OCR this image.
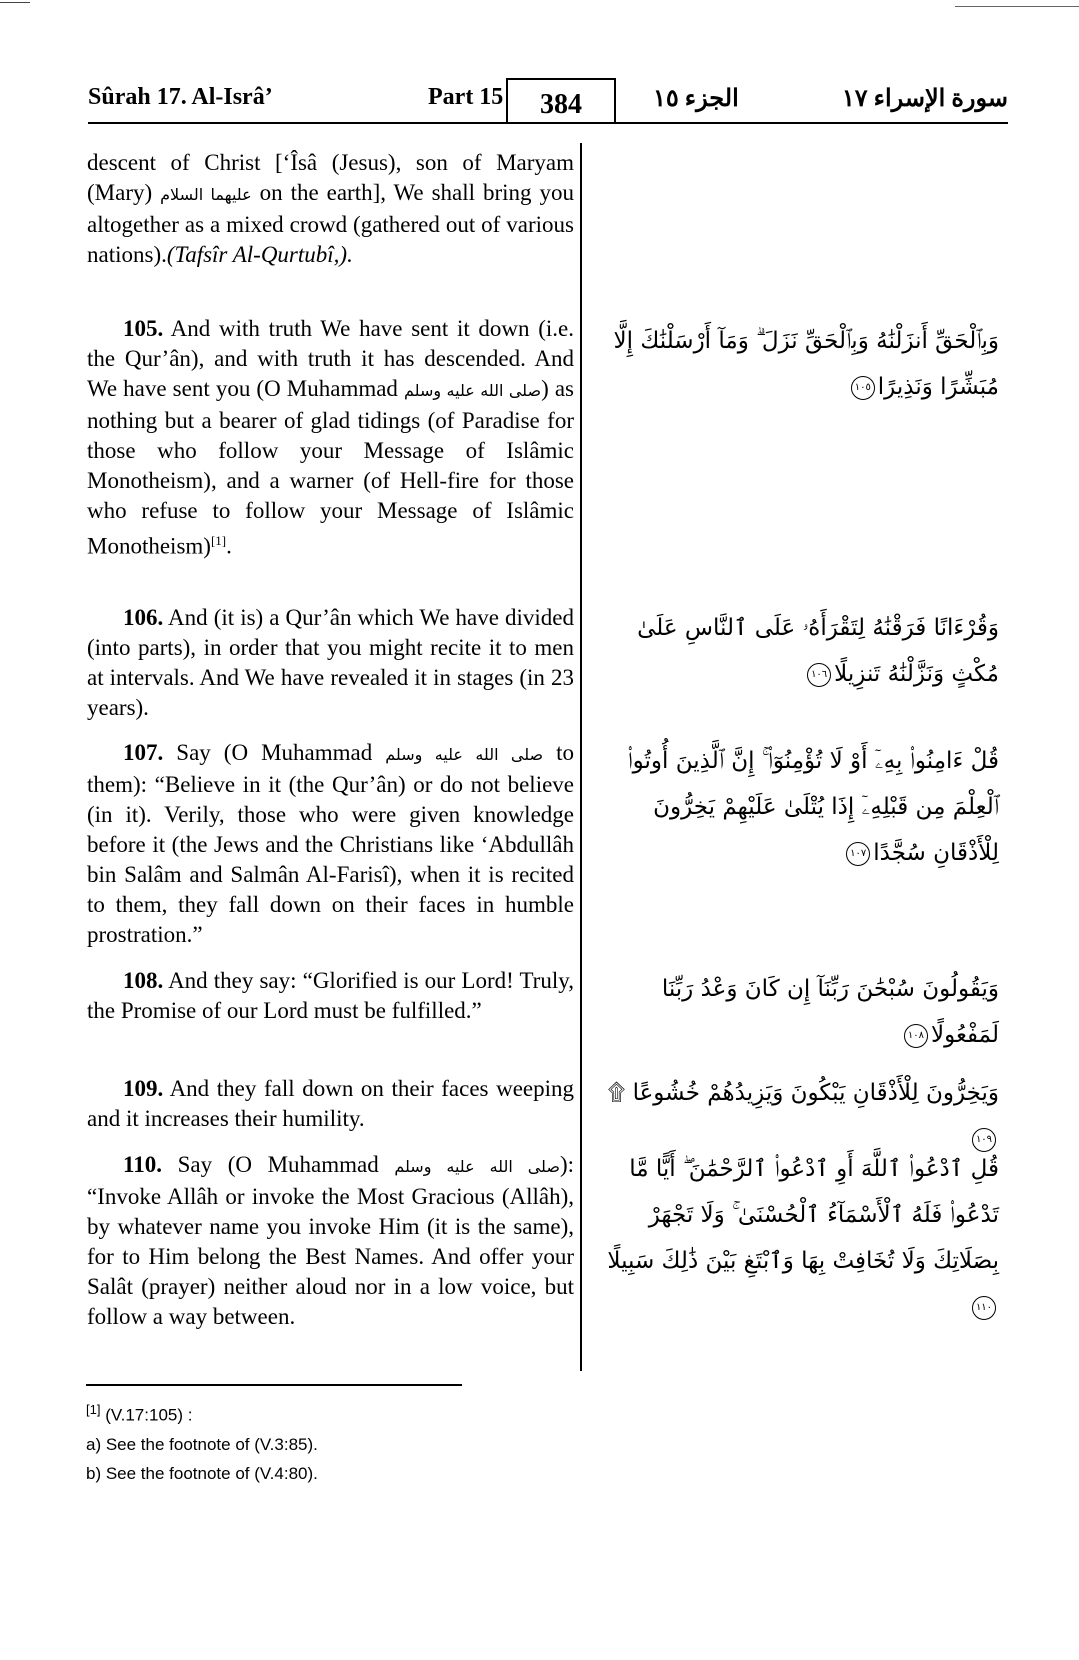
Sûrah 17. Al-Isrâ’	Part 15	384	الجزء ١٥	سورة الإسراء ١٧

descent of Christ [‘Îsâ (Jesus), son of Maryam (Mary) عليهما السلام on the earth], We shall bring you altogether as a mixed crowd (gathered out of various nations).(Tafsîr Al-Qurtubî,).

105. And with truth We have sent it down (i.e. the Qur’ân), and with truth it has descended. And We have sent you (O Muhammad صلى الله عليه وسلم) as nothing but a bearer of glad tidings (of Paradise for those who follow your Message of Islâmic Monotheism), and a warner (of Hell-fire for those who refuse to follow your Message of Islâmic Monotheism)[1].

106. And (it is) a Qur’ân which We have divided (into parts), in order that you might recite it to men at intervals. And We have revealed it in stages (in 23 years).

107. Say (O Muhammad صلى الله عليه وسلم to them): “Believe in it (the Qur’ân) or do not believe (in it). Verily, those who were given knowledge before it (the Jews and the Christians like ‘Abdullâh bin Salâm and Salmân Al-Farisî), when it is recited to them, they fall down on their faces in humble prostration.”

108. And they say: “Glorified is our Lord! Truly, the Promise of our Lord must be fulfilled.”

109. And they fall down on their faces weeping and it increases their humility.

110. Say (O Muhammad صلى الله عليه وسلم): “Invoke Allâh or invoke the Most Gracious (Allâh), by whatever name you invoke Him (it is the same), for to Him belong the Best Names. And offer your Salât (prayer) neither aloud nor in a low voice, but follow a way between.

وَبِٱلْحَقِّ أَنزَلْنَٰهُ وَبِٱلْحَقِّ نَزَلَ ۗ وَمَآ أَرْسَلْنَٰكَ إِلَّا مُبَشِّرًا وَنَذِيرًا١٠٥
وَقُرْءَانًا فَرَقْنَٰهُ لِتَقْرَأَهُۥ عَلَى ٱلنَّاسِ عَلَىٰ مُكْثٍ وَنَزَّلْنَٰهُ تَنزِيلًا١٠٦
قُلْ ءَامِنُوا۟ بِهِۦٓ أَوْ لَا تُؤْمِنُوٓا۟ ۚ إِنَّ ٱلَّذِينَ أُوتُوا۟ ٱلْعِلْمَ مِن قَبْلِهِۦٓ إِذَا يُتْلَىٰ عَلَيْهِمْ يَخِرُّونَ لِلْأَذْقَانِ سُجَّدًا١٠٧
وَيَقُولُونَ سُبْحَٰنَ رَبِّنَآ إِن كَانَ وَعْدُ رَبِّنَا لَمَفْعُولًا١٠٨
وَيَخِرُّونَ لِلْأَذْقَانِ يَبْكُونَ وَيَزِيدُهُمْ خُشُوعًا ۩١٠٩
قُلِ ٱدْعُوا۟ ٱللَّهَ أَوِ ٱدْعُوا۟ ٱلرَّحْمَٰنَ ۖ أَيًّا مَّا تَدْعُوا۟ فَلَهُ ٱلْأَسْمَآءُ ٱلْحُسْنَىٰ ۚ وَلَا تَجْهَرْ بِصَلَاتِكَ وَلَا تُخَافِتْ بِهَا وَٱبْتَغِ بَيْنَ ذَٰلِكَ سَبِيلًا١١٠
[1] (V.17:105) :
a) See the footnote of (V.3:85).
b) See the footnote of (V.4:80).
